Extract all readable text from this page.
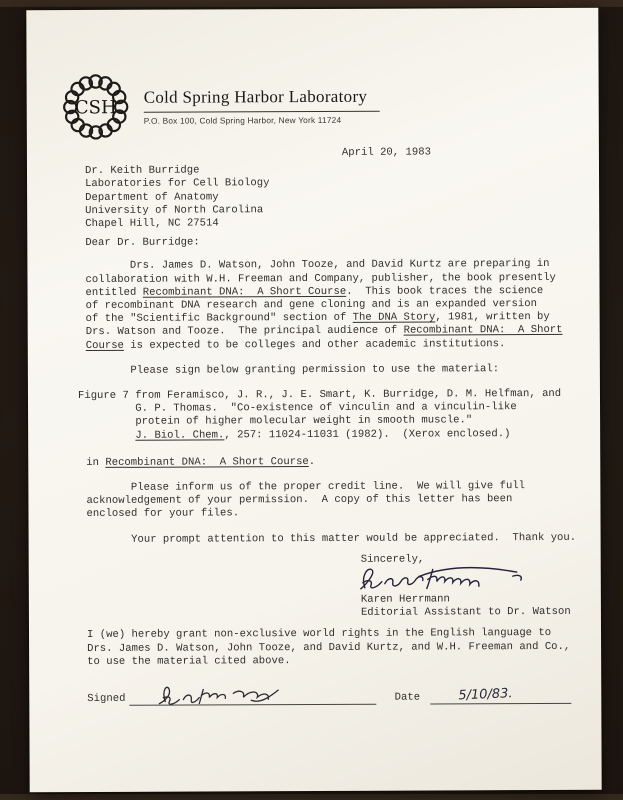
CSH
Cold Spring Harbor Laboratory
P.O. Box 100, Cold Spring Harbor, New York 11724
April 20, 1983
Dr. Keith Burridge
Laboratories for Cell Biology
Department of Anatomy
University of North Carolina
Chapel Hill, NC 27514
Dear Dr. Burridge:
Drs. James D. Watson, John Tooze, and David Kurtz are preparing in
collaboration with W.H. Freeman and Company, publisher, the book presently
entitled Recombinant DNA:  A Short Course.  This book traces the science
of recombinant DNA research and gene cloning and is an expanded version
of the "Scientific Background" section of The DNA Story, 1981, written by
Drs. Watson and Tooze.  The principal audience of Recombinant DNA:  A Short
Course is expected to be colleges and other academic institutions.
Please sign below granting permission to use the material:
Figure 7 from Feramisco, J. R., J. E. Smart, K. Burridge, D. M. Helfman, and
G. P. Thomas.  "Co-existence of vinculin and a vinculin-like
protein of higher molecular weight in smooth muscle."
J. Biol. Chem., 257: 11024-11031 (1982).  (Xerox enclosed.)
in Recombinant DNA:  A Short Course.
Please inform us of the proper credit line.  We will give full
acknowledgement of your permission.  A copy of this letter has been
enclosed for your files.
Your prompt attention to this matter would be appreciated.  Thank you.
Sincerely,
Karen Herrmann
Editorial Assistant to Dr. Watson
I (we) hereby grant non-exclusive world rights in the English language to
Drs. James D. Watson, John Tooze, and David Kurtz, and W.H. Freeman and Co.,
to use the material cited above.
Signed	Date	5/10/83.
